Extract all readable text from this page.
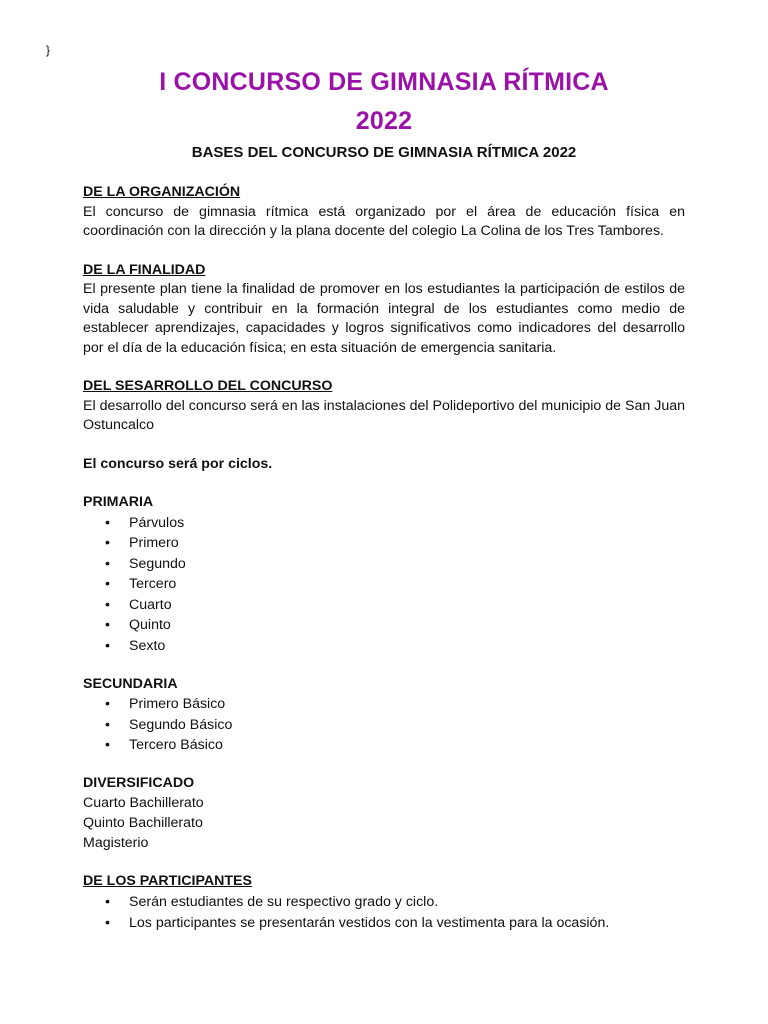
}
I CONCURSO DE GIMNASIA RÍTMICA
2022
BASES DEL CONCURSO DE GIMNASIA RÍTMICA 2022

DE LA ORGANIZACIÓN

El concurso de gimnasia rítmica está organizado por el área de educación física en coordinación con la dirección y la plana docente del colegio La Colina de los Tres Tambores.

DE LA FINALIDAD

El presente plan tiene la finalidad de promover en los estudiantes la participación de estilos de vida saludable y contribuir en la formación integral de los estudiantes como medio de establecer aprendizajes, capacidades y logros significativos como indicadores del desarrollo por el día de la educación física; en esta situación de emergencia sanitaria.

DEL SESARROLLO DEL CONCURSO

El desarrollo del concurso será en las instalaciones del Polideportivo del municipio de San Juan Ostuncalco

El concurso será por ciclos.

PRIMARIA

• Párvulos
• Primero
• Segundo
• Tercero
• Cuarto
• Quinto
• Sexto

SECUNDARIA

• Primero Básico
• Segundo Básico
• Tercero Básico

DIVERSIFICADO

Cuarto Bachillerato

Quinto Bachillerato

Magisterio

DE LOS PARTICIPANTES

• Serán estudiantes de su respectivo grado y ciclo.
• Los participantes se presentarán vestidos con la vestimenta para la ocasión.
